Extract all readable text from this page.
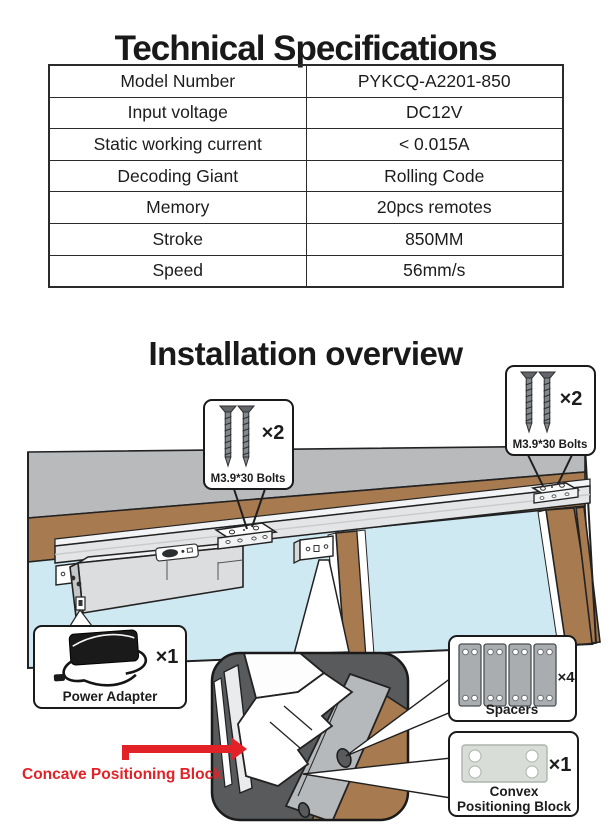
Technical Specifications
Model Number	PYKCQ-A2201-850
Input voltage	DC12V
Static working current	< 0.015A
Decoding Giant	Rolling Code
Memory	20pcs remotes
Stroke	850MM
Speed	56mm/s
Installation overview
Concave Positioning Block
×2
M3.9*30 Bolts
×2
M3.9*30 Bolts
×1
Power Adapter
×4
Spacers
×1
Convex
Positioning Block
